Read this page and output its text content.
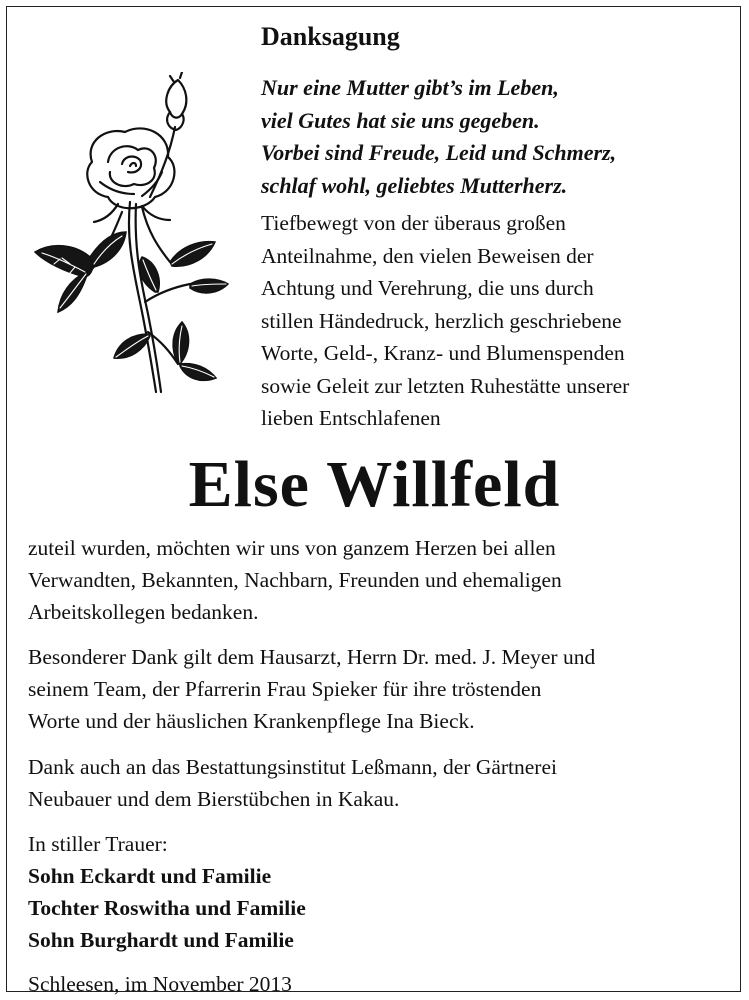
Danksagung
Nur eine Mutter gibt’s im Leben,
viel Gutes hat sie uns gegeben.
Vorbei sind Freude, Leid und Schmerz,
schlaf wohl, geliebtes Mutterherz.
Tiefbewegt von der überaus großen
Anteilnahme, den vielen Beweisen der
Achtung und Verehrung, die uns durch
stillen Händedruck, herzlich geschriebene
Worte, Geld-, Kranz- und Blumenspenden
sowie Geleit zur letzten Ruhestätte unserer
lieben Entschlafenen
Else Willfeld
zuteil wurden, möchten wir uns von ganzem Herzen bei allen
Verwandten, Bekannten, Nachbarn, Freunden und ehemaligen
Arbeitskollegen bedanken.
Besonderer Dank gilt dem Hausarzt, Herrn Dr. med. J. Meyer und
seinem Team, der Pfarrerin Frau Spieker für ihre tröstenden
Worte und der häuslichen Krankenpflege Ina Bieck.
Dank auch an das Bestattungsinstitut Leßmann, der Gärtnerei
Neubauer und dem Bierstübchen in Kakau.
In stiller Trauer:
Sohn Eckardt und Familie
Tochter Roswitha und Familie
Sohn Burghardt und Familie
Schleesen, im November 2013
